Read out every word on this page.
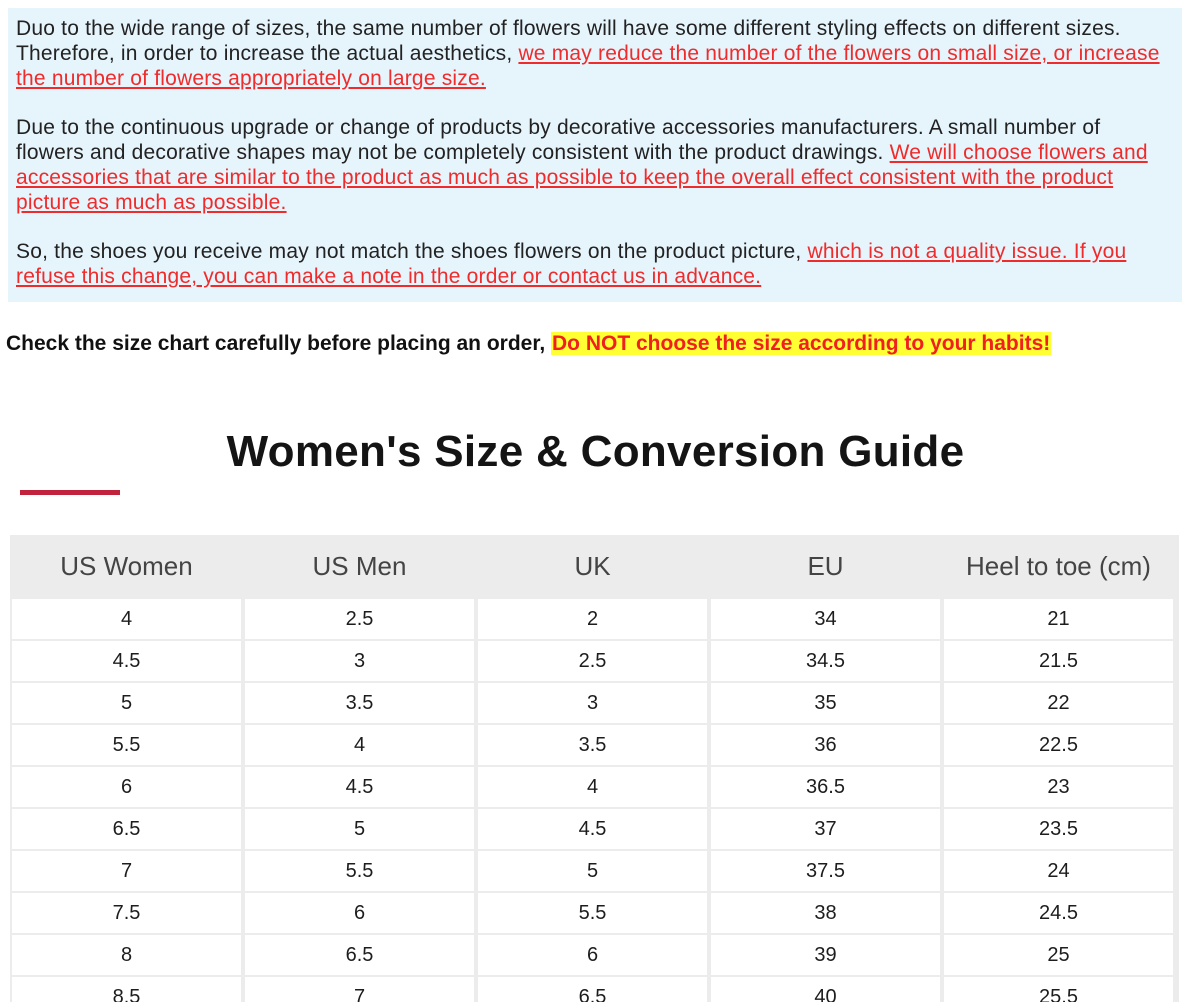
Duo to the wide range of sizes, the same number of flowers will have some different styling effects on different sizes. Therefore, in order to increase the actual aesthetics, we may reduce the number of the flowers on small size, or increase the number of flowers appropriately on large size.

Due to the continuous upgrade or change of products by decorative accessories manufacturers. A small number of flowers and decorative shapes may not be completely consistent with the product drawings. We will choose flowers and accessories that are similar to the product as much as possible to keep the overall effect consistent with the product picture as much as possible.

So, the shoes you receive may not match the shoes flowers on the product picture, which is not a quality issue. If you refuse this change, you can make a note in the order or contact us in advance.

Check the size chart carefully before placing an order, Do NOT choose the size according to your habits!
Women's Size & Conversion Guide
US Women	US Men	UK	EU	Heel to toe (cm)
4	2.5	2	34	21
4.5	3	2.5	34.5	21.5
5	3.5	3	35	22
5.5	4	3.5	36	22.5
6	4.5	4	36.5	23
6.5	5	4.5	37	23.5
7	5.5	5	37.5	24
7.5	6	5.5	38	24.5
8	6.5	6	39	25
8.5	7	6.5	40	25.5
